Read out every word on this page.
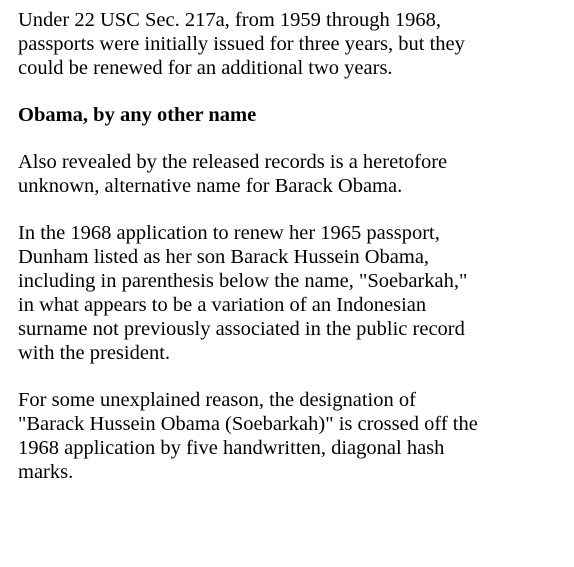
Under 22 USC Sec. 217a, from 1959 through 1968,
passports were initially issued for three years, but they
could be renewed for an additional two years.

Obama, by any other name

Also revealed by the released records is a heretofore
unknown, alternative name for Barack Obama.

In the 1968 application to renew her 1965 passport,
Dunham listed as her son Barack Hussein Obama,
including in parenthesis below the name, "Soebarkah,"
in what appears to be a variation of an Indonesian
surname not previously associated in the public record
with the president.

For some unexplained reason, the designation of
"Barack Hussein Obama (Soebarkah)" is crossed off the
1968 application by five handwritten, diagonal hash
marks.
